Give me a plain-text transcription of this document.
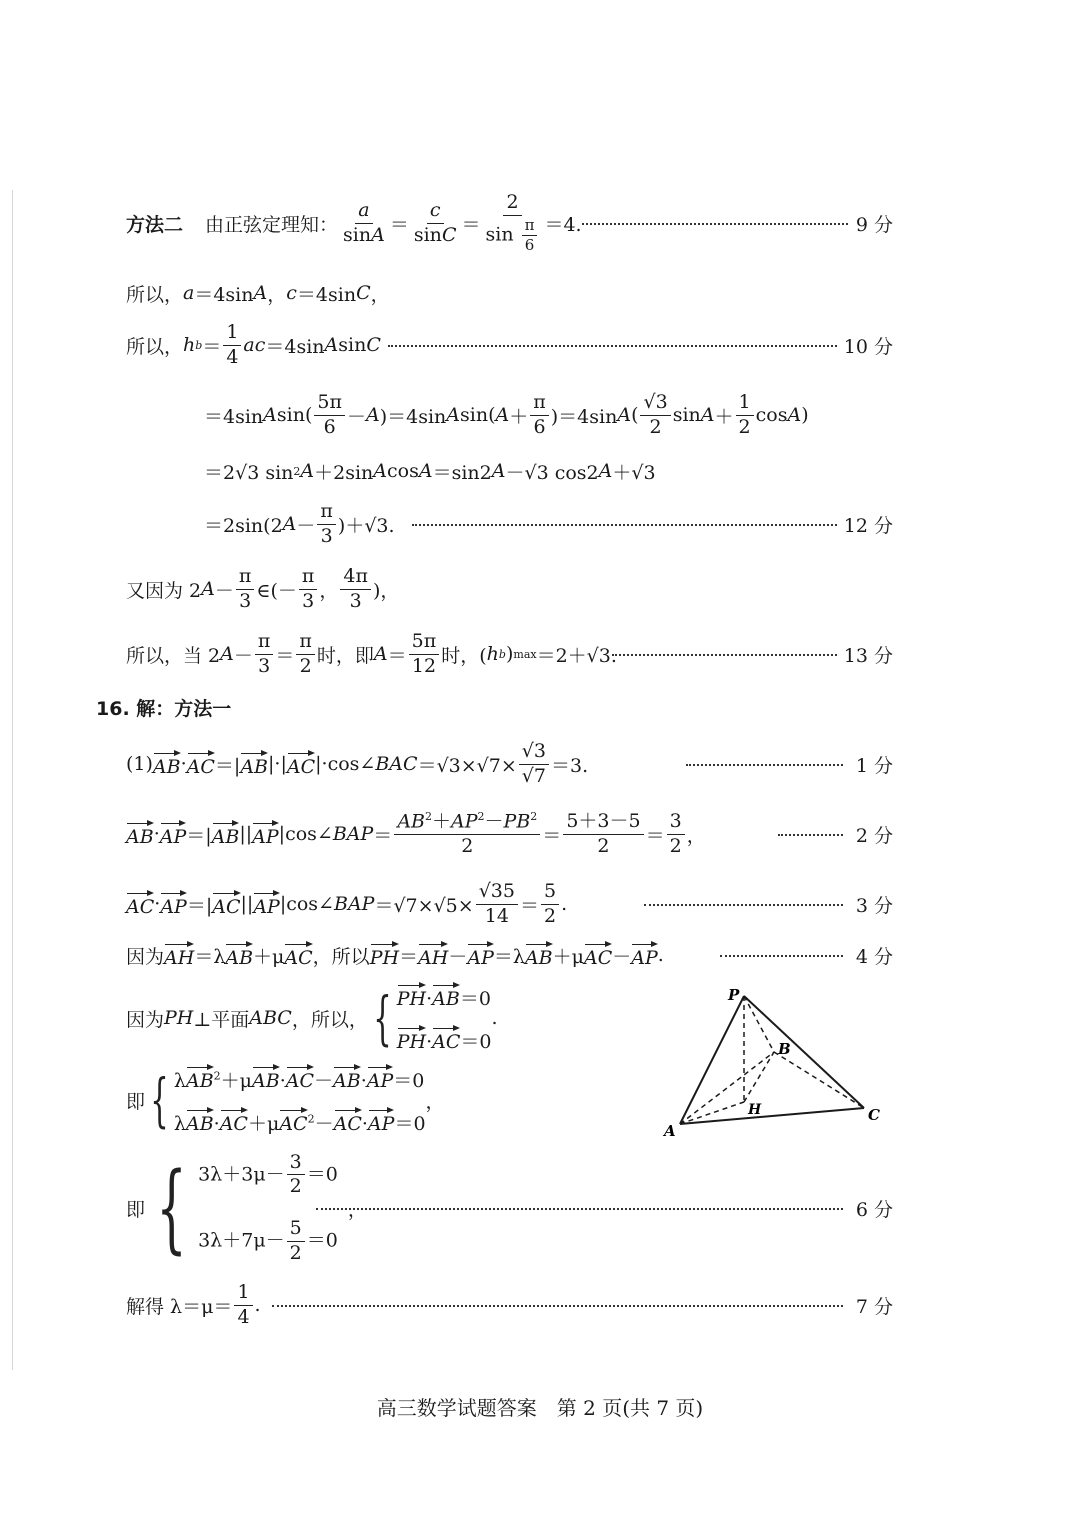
方法二 由正弦定理知： $\frac{a}{\sin A} = \frac{c}{\sin C} = \frac{2}{\sin \frac{\pi}{6}} =4$.	9 分
所以， a ＝4sin A ， c ＝4sin C ，
所以， h $b = \frac{1}{4}$ ac ＝4sin A sin C	10 分
＝4sin A $\sin( \frac{5\pi}{6} - A$ )＝4sin A sin( $A + \frac{\pi}{6} )=4\sin$ A ( $\frac{√3}{2}$ $\sin A + \frac{1}{2}$ cos A )
＝2√3 sin 2 A ＋2sin A cos A ＝sin2 A －√3 cos2 A ＋√3
＝2sin(2 $A - \frac{\pi}{3} )+√3$.	12 分
又因为 2 $A - \frac{\pi}{3}$ ∈(－ $\frac{\pi}{3}$ ， $\frac{4\pi}{3}$ )，
所以，当 2 $A - \frac{\pi}{3} = \frac{\pi}{2}$ 时，即 $A = \frac{5\pi}{12}$ 时，( h b ) max ＝2＋√3.	13 分
16. 解：方法一
(1) AB · AC ＝| AB |·| AC |·cos∠ BAC $=√3\times√7\times \frac{√3}{√7} =3$.	1 分
AB · AP ＝| AB || AP |cos∠ BAP ＝ $\frac{AB^2+AP^2-PB^2}{2} = \frac{5+3-5}{2} = \frac{3}{2}$ ，	2 分
AC · AP ＝| AC || AP |cos∠ BAP $=√7\times√5\times \frac{√35}{14} = \frac{5}{2}$ .	3 分
因为 AH ＝λ AB ＋μ AC ，所以 PH ＝ AH － AP ＝λ AB ＋μ AC － AP .	4 分
因为 PH ⊥平面 ABC ，所以， { PH·AB＝0
PH·AC＝0
.
即 { λAB$^2$＋μAB·AC－AB·AP＝0
λAB·AC＋μAC$^2$－AC·AP＝0
，
即 { $3\lambda+3\mu- \frac{3}{2} =0$
$3\lambda+7\mu- \frac{5}{2} =0$
，	6 分
解得 $\lambda=\mu= \frac{1}{4}$ .	7 分
P
B
H
A
C
高三数学试题答案　第 2 页(共 7 页)
